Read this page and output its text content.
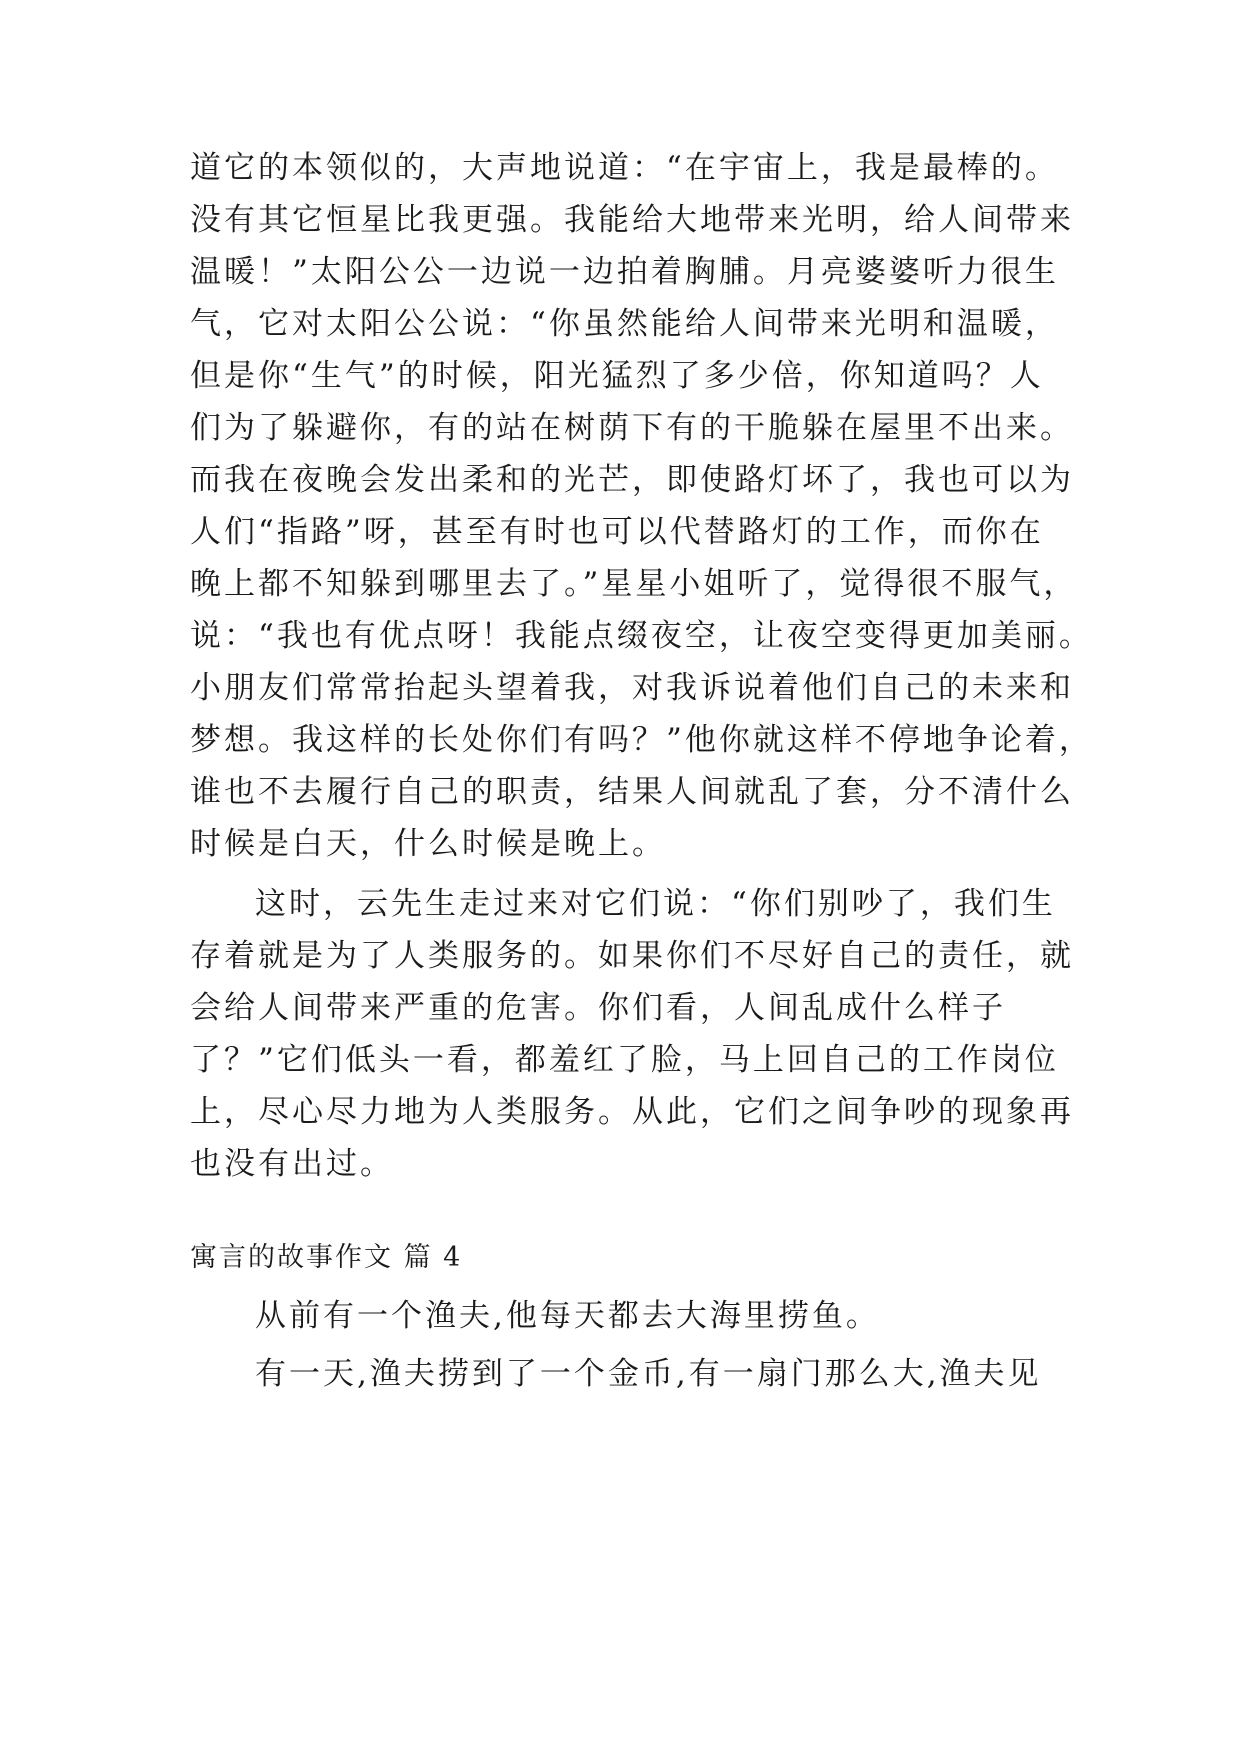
道它的本领似的，大声地说道：“在宇宙上，我是最棒的。
没有其它恒星比我更强。我能给大地带来光明，给人间带来
温暖！”太阳公公一边说一边拍着胸脯。月亮婆婆听力很生
气，它对太阳公公说：“你虽然能给人间带来光明和温暖，
但是你“生气”的时候，阳光猛烈了多少倍，你知道吗？人
们为了躲避你，有的站在树荫下有的干脆躲在屋里不出来。
而我在夜晚会发出柔和的光芒，即使路灯坏了，我也可以为
人们“指路”呀，甚至有时也可以代替路灯的工作，而你在
晚上都不知躲到哪里去了。”星星小姐听了，觉得很不服气，
说：“我也有优点呀！我能点缀夜空，让夜空变得更加美丽。
小朋友们常常抬起头望着我，对我诉说着他们自己的未来和
梦想。我这样的长处你们有吗？”他你就这样不停地争论着，
谁也不去履行自己的职责，结果人间就乱了套，分不清什么
时候是白天，什么时候是晚上。
这时，云先生走过来对它们说：“你们别吵了，我们生
存着就是为了人类服务的。如果你们不尽好自己的责任，就
会给人间带来严重的危害。你们看，人间乱成什么样子
了？”它们低头一看，都羞红了脸，马上回自己的工作岗位
上，尽心尽力地为人类服务。从此，它们之间争吵的现象再
也没有出过。
寓言的故事作文 篇 4
从前有一个渔夫,他每天都去大海里捞鱼。
有一天,渔夫捞到了一个金币,有一扇门那么大,渔夫见
